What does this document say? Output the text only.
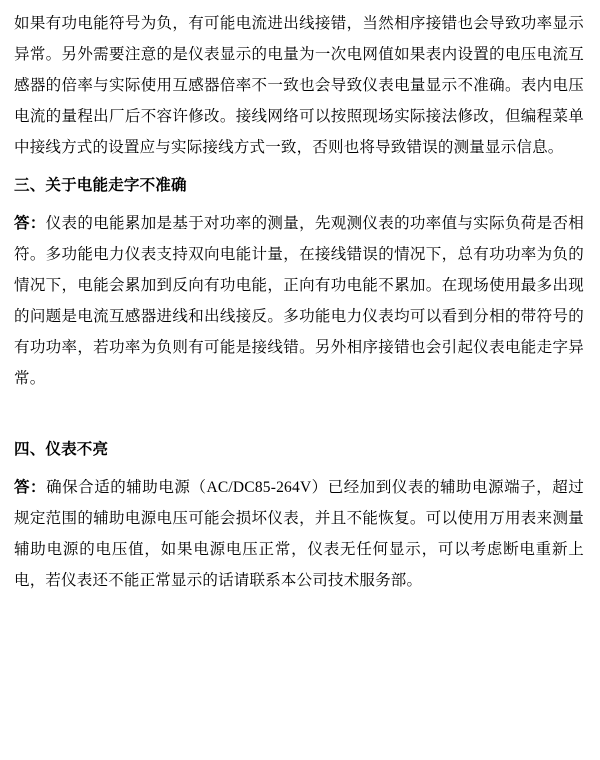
如果有功电能符号为负，有可能电流进出线接错，当然相序接错也会导致功率显示异常。另外需要注意的是仪表显示的电量为一次电网值如果表内设置的电压电流互感器的倍率与实际使用互感器倍率不一致也会导致仪表电量显示不准确。表内电压电流的量程出厂后不容许修改。接线网络可以按照现场实际接法修改，但编程菜单中接线方式的设置应与实际接线方式一致，否则也将导致错误的测量显示信息。

三、关于电能走字不准确

答：仪表的电能累加是基于对功率的测量，先观测仪表的功率值与实际负荷是否相符。多功能电力仪表支持双向电能计量，在接线错误的情况下，总有功功率为负的情况下，电能会累加到反向有功电能，正向有功电能不累加。在现场使用最多出现的问题是电流互感器进线和出线接反。多功能电力仪表均可以看到分相的带符号的有功功率，若功率为负则有可能是接线错。另外相序接错也会引起仪表电能走字异常。

四、仪表不亮

答：确保合适的辅助电源（AC/DC85-264V）已经加到仪表的辅助电源端子，超过规定范围的辅助电源电压可能会损坏仪表，并且不能恢复。可以使用万用表来测量辅助电源的电压值，如果电源电压正常，仪表无任何显示，可以考虑断电重新上电，若仪表还不能正常显示的话请联系本公司技术服务部。
